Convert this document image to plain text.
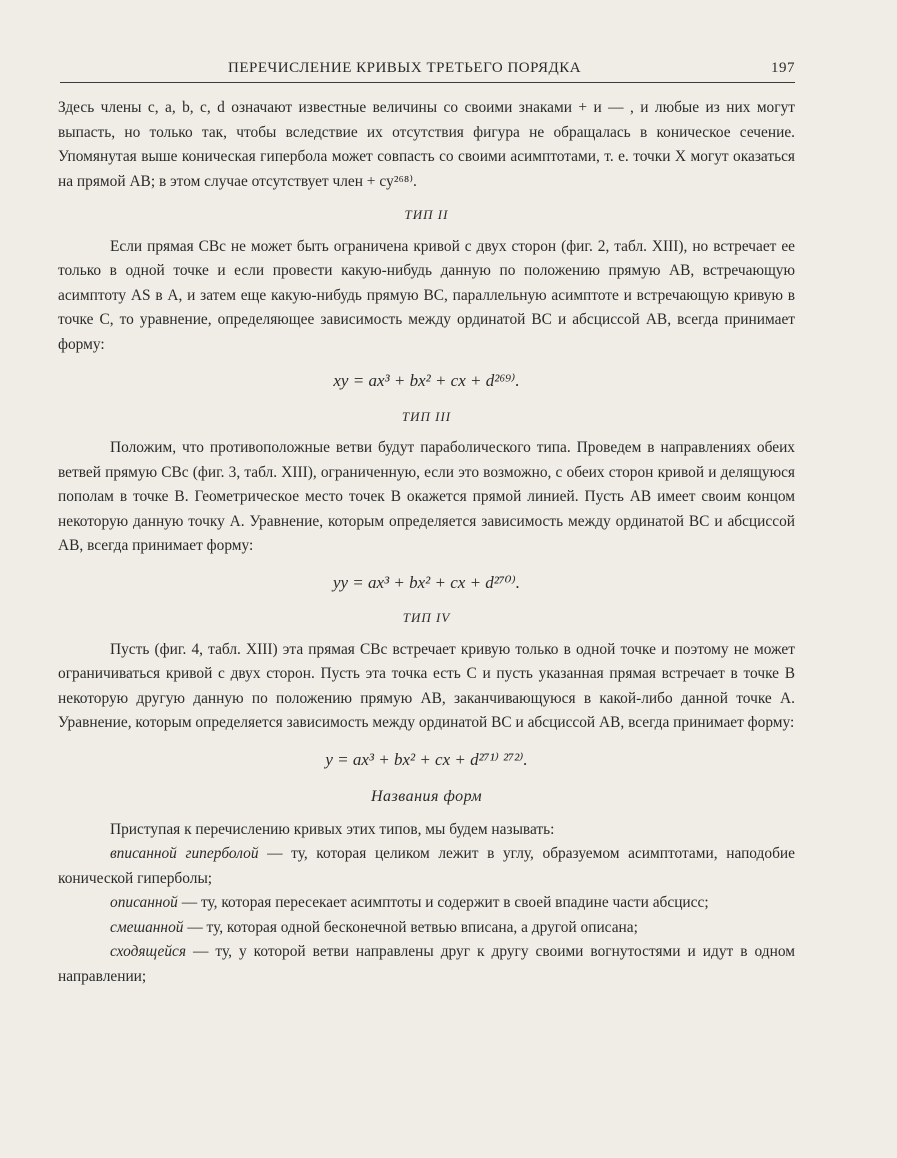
ПЕРЕЧИСЛЕНИЕ КРИВЫХ ТРЕТЬЕГО ПОРЯДКА	197

Здесь члены c, a, b, c, d означают известные величины со своими знаками + и — , и любые из них могут выпасть, но только так, чтобы вследствие их отсутствия фигура не обращалась в коническое сечение. Упомянутая выше коническая гипербола может совпасть со своими асимптотами, т. е. точки X могут оказаться на прямой AB; в этом случае отсутствует член + cy²⁶⁸⁾.

ТИП II

Если прямая CBc не может быть ограничена кривой с двух сторон (фиг. 2, табл. XIII), но встречает ее только в одной точке и если провести какую-нибудь данную по положению прямую AB, встречающую асимптоту AS в A, и затем еще какую-нибудь прямую BC, параллельную асимптоте и встречающую кривую в точке C, то уравнение, определяющее зависимость между ординатой BC и абсциссой AB, всегда принимает форму:

xy = ax³ + bx² + cx + d²⁶⁹⁾.
ТИП III

Положим, что противоположные ветви будут параболического типа. Проведем в направлениях обеих ветвей прямую CBc (фиг. 3, табл. XIII), ограниченную, если это возможно, с обеих сторон кривой и делящуюся пополам в точке B. Геометрическое место точек B окажется прямой линией. Пусть AB имеет своим концом некоторую данную точку A. Уравнение, которым определяется зависимость между ординатой BC и абсциссой AB, всегда принимает форму:

yy = ax³ + bx² + cx + d²⁷⁰⁾.
ТИП IV

Пусть (фиг. 4, табл. XIII) эта прямая CBc встречает кривую только в одной точке и поэтому не может ограничиваться кривой с двух сторон. Пусть эта точка есть C и пусть указанная прямая встречает в точке B некоторую другую данную по положению прямую AB, заканчивающуюся в какой-либо данной точке A. Уравнение, которым определяется зависимость между ординатой BC и абсциссой AB, всегда принимает форму:

y = ax³ + bx² + cx + d²⁷¹⁾ ²⁷²⁾.
Названия форм

Приступая к перечислению кривых этих типов, мы будем называть:

вписанной гиперболой — ту, которая целиком лежит в углу, образуемом асимптотами, наподобие конической гиперболы;

описанной — ту, которая пересекает асимптоты и содержит в своей впадине части абсцисс;

смешанной — ту, которая одной бесконечной ветвью вписана, а другой описана;

сходящейся — ту, у которой ветви направлены друг к другу своими вогнутостями и идут в одном направлении;
